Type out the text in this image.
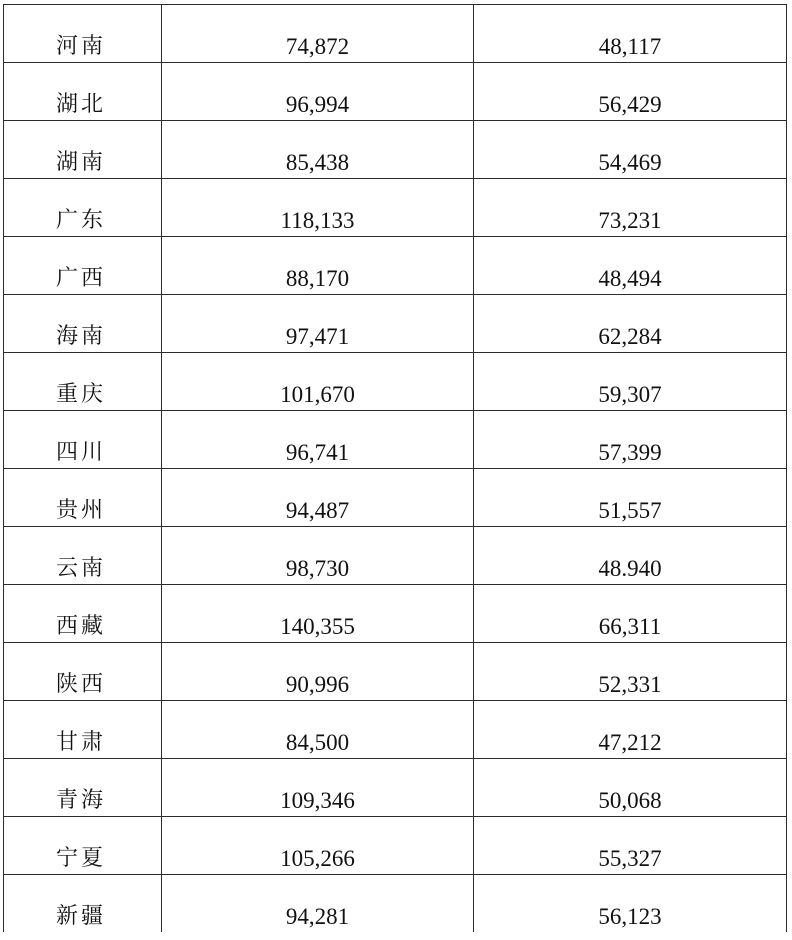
河南	74,872	48,117
湖北	96,994	56,429
湖南	85,438	54,469
广东	118,133	73,231
广西	88,170	48,494
海南	97,471	62,284
重庆	101,670	59,307
四川	96,741	57,399
贵州	94,487	51,557
云南	98,730	48.940
西藏	140,355	66,311
陕西	90,996	52,331
甘肃	84,500	47,212
青海	109,346	50,068
宁夏	105,266	55,327
新疆	94,281	56,123
